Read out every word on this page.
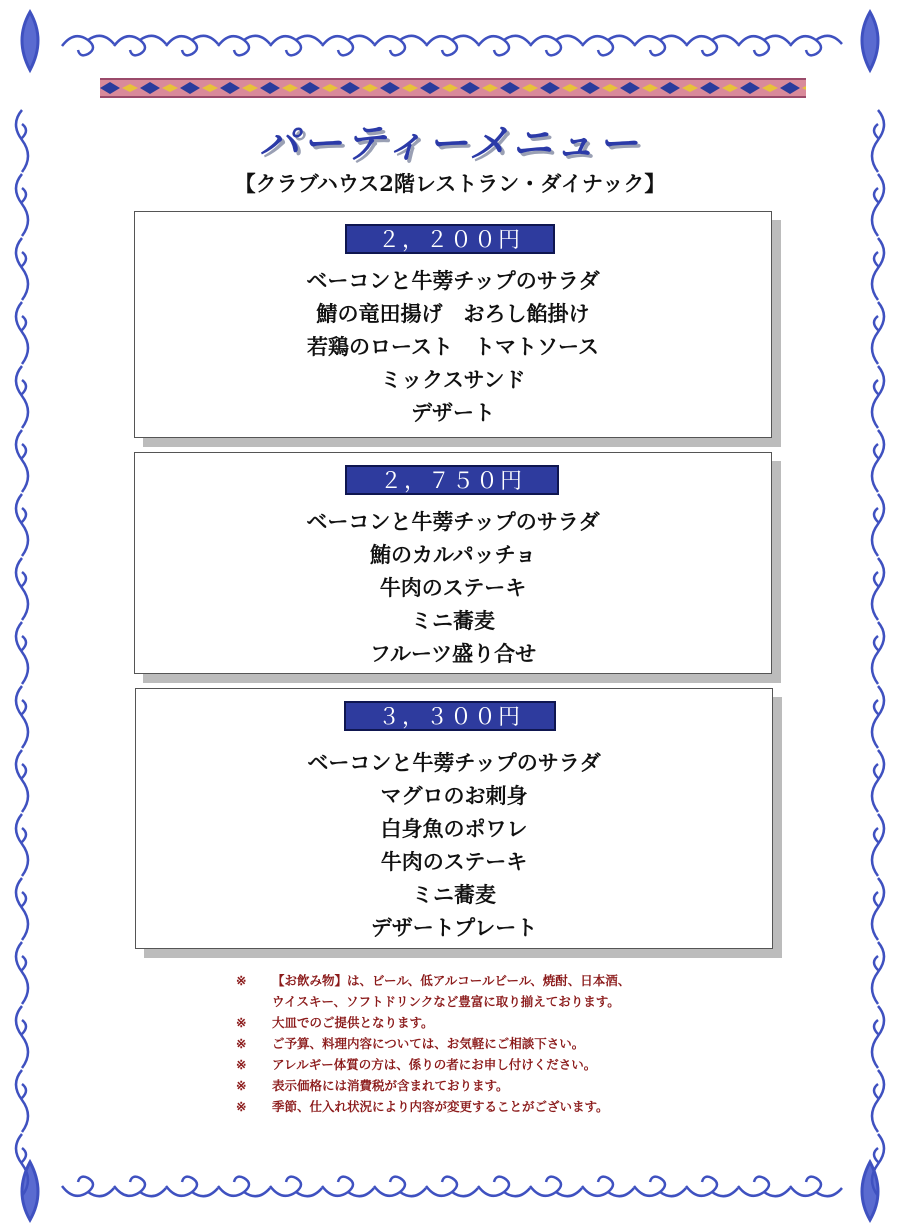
パーティーメニュー
【クラブハウス2階レストラン・ダイナック】
２，２００円
ベーコンと牛蒡チップのサラダ
鯖の竜田揚げ　おろし餡掛け
若鶏のロースト　トマトソース
ミックスサンド
デザート
２，７５０円
ベーコンと牛蒡チップのサラダ
鮪のカルパッチョ
牛肉のステーキ
ミニ蕎麦
フルーツ盛り合せ
３，３００円
ベーコンと牛蒡チップのサラダ
マグロのお刺身
白身魚のポワレ
牛肉のステーキ
ミニ蕎麦
デザートプレート
※	【お飲み物】は、ビール、低アルコールビール、焼酎、日本酒、
ウイスキー、ソフトドリンクなど豊富に取り揃えております。
※	大皿でのご提供となります。
※	ご予算、料理内容については、お気軽にご相談下さい。
※	アレルギー体質の方は、係りの者にお申し付けください。
※	表示価格には消費税が含まれております。
※	季節、仕入れ状況により内容が変更することがございます。
